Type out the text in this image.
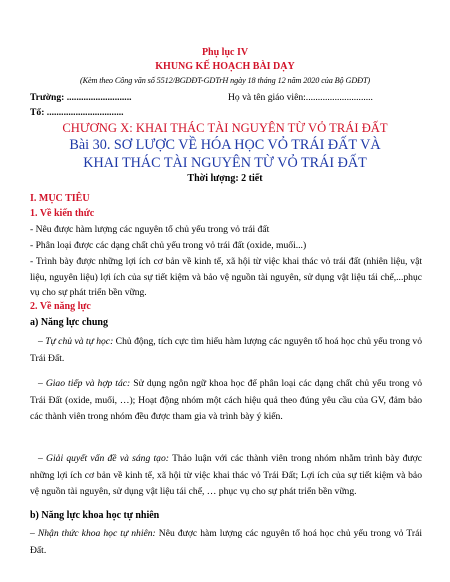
Phụ lục IV

KHUNG KẾ HOẠCH BÀI DẠY

(Kèm theo Công văn số 5512/BGDĐT-GDTrH ngày 18 tháng 12 năm 2020 của Bộ GDĐT)

Trường: ...........................	Họ và tên giáo viên:............................

Tổ: ................................

CHƯƠNG X: KHAI THÁC TÀI NGUYÊN TỪ VỎ TRÁI ĐẤT

Bài 30. SƠ LƯỢC VỀ HÓA HỌC VỎ TRÁI ĐẤT VÀ

KHAI THÁC TÀI NGUYÊN TỪ VỎ TRÁI ĐẤT

Thời lượng: 2 tiết

I. MỤC TIÊU

1. Về kiến thức

- Nêu được hàm lượng các nguyên tố chủ yếu trong vỏ trái đất

- Phân loại được các dạng chất chủ yếu trong vỏ trái đất (oxide, muối...)

- Trình bày được những lợi ích cơ bản về kinh tế, xã hội từ việc khai thác vỏ trái đất (nhiên liệu, vật liệu, nguyên liệu) lợi ích của sự tiết kiệm và bảo vệ nguồn tài nguyên, sử dụng vật liệu tái chế,...phục vụ cho sự phát triển bền vững.

2. Về năng lực

a) Năng lực chung

– Tự chủ và tự học: Chủ động, tích cực tìm hiểu hàm lượng các nguyên tố hoá học chủ yếu trong vỏ Trái Đất.

– Giao tiếp và hợp tác: Sử dụng ngôn ngữ khoa học để phân loại các dạng chất chủ yếu trong vỏ Trái Đất (oxide, muối, …); Hoạt động nhóm một cách hiệu quả theo đúng yêu cầu của GV, đảm bảo các thành viên trong nhóm đều được tham gia và trình bày ý kiến.

– Giải quyết vấn đề và sáng tạo: Thảo luận với các thành viên trong nhóm nhằm trình bày được những lợi ích cơ bản về kinh tế, xã hội từ việc khai thác vỏ Trái Đất; Lợi ích của sự tiết kiệm và bảo vệ nguồn tài nguyên, sử dụng vật liệu tái chế, … phục vụ cho sự phát triển bền vững.

b) Năng lực khoa học tự nhiên

– Nhận thức khoa học tự nhiên: Nêu được hàm lượng các nguyên tố hoá học chủ yếu trong vỏ Trái Đất.
